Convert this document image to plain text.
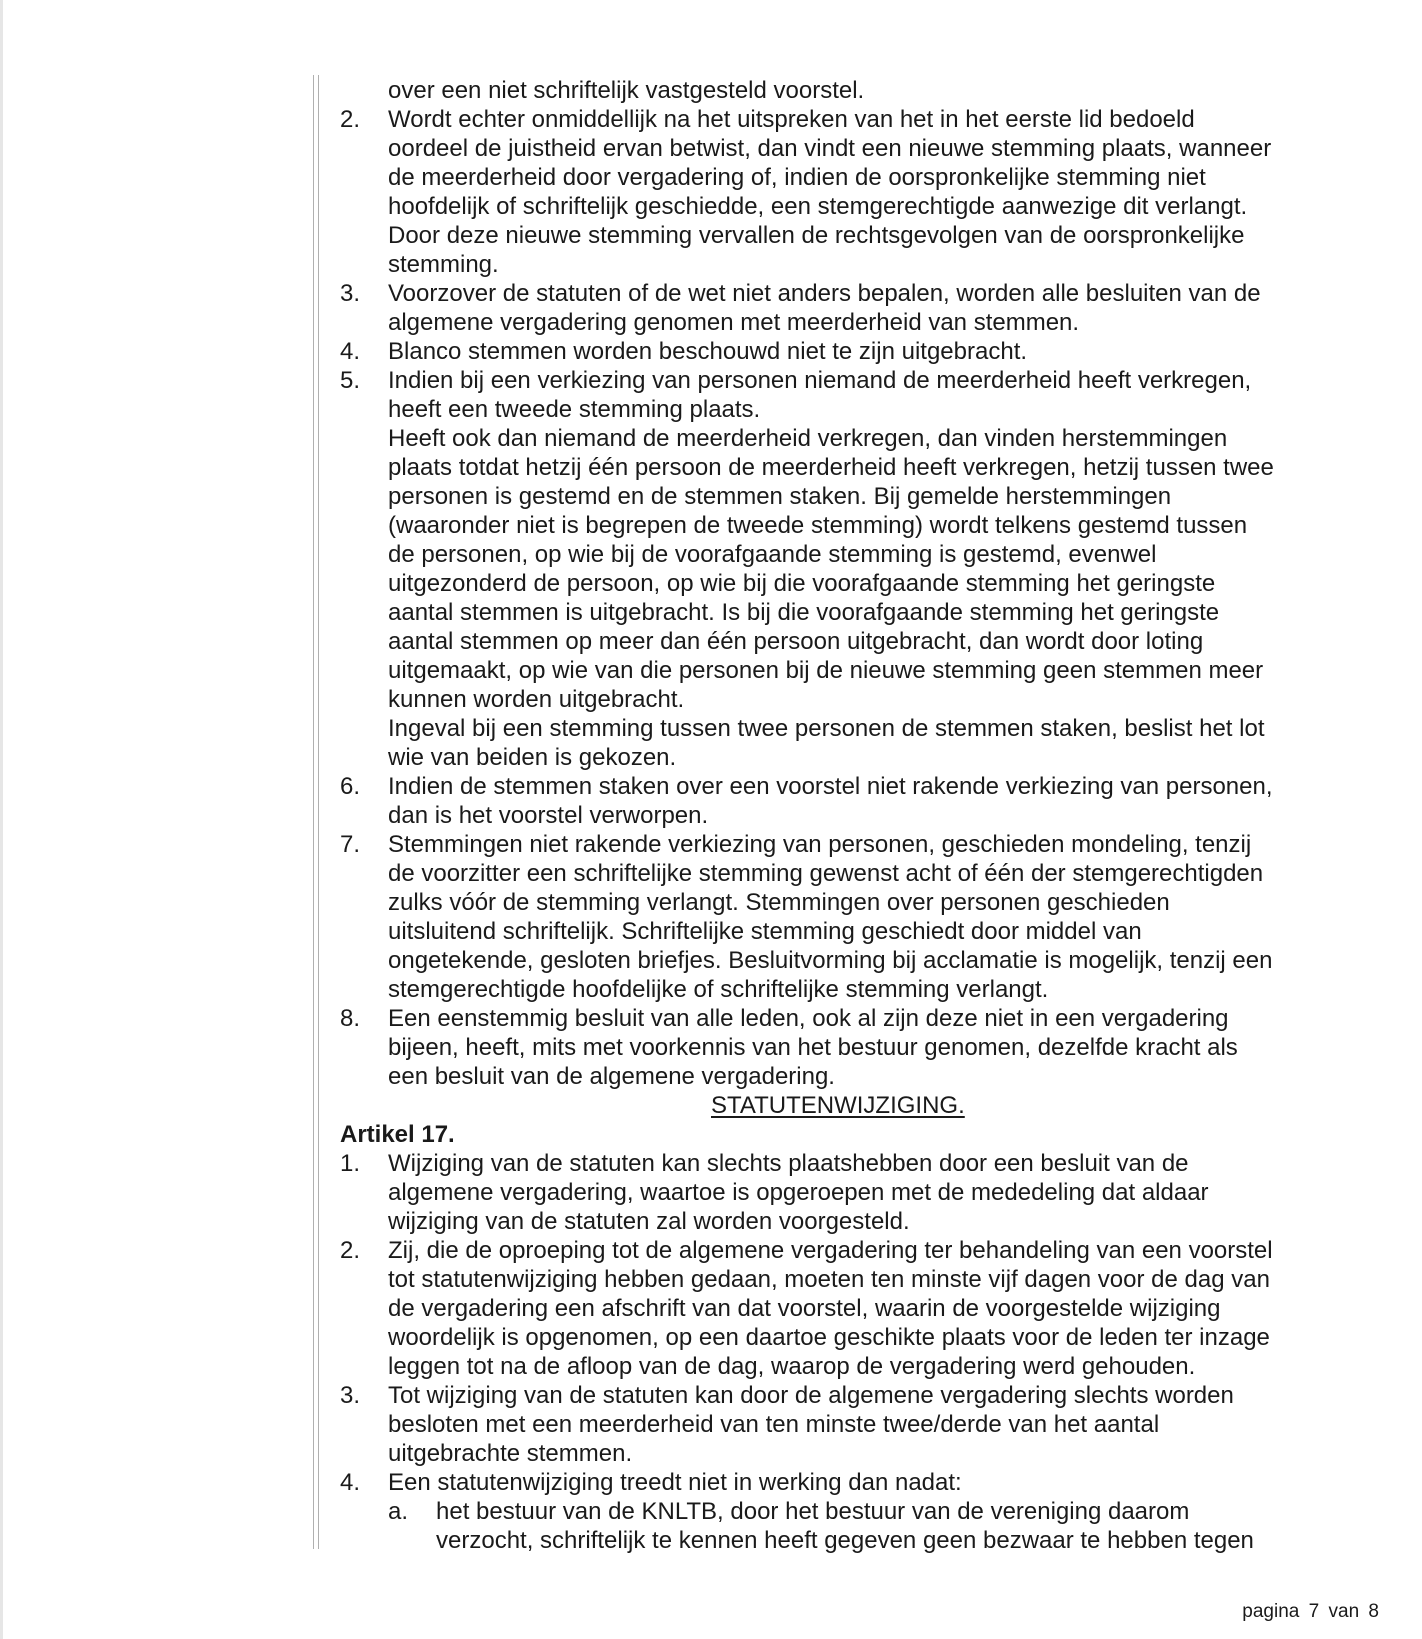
over een niet schriftelijk vastgesteld voorstel.
2.	Wordt echter onmiddellijk na het uitspreken van het in het eerste lid bedoeld
oordeel de juistheid ervan betwist, dan vindt een nieuwe stemming plaats, wanneer
de meerderheid door vergadering of, indien de oorspronkelijke stemming niet
hoofdelijk of schriftelijk geschiedde, een stemgerechtigde aanwezige dit verlangt.
Door deze nieuwe stemming vervallen de rechtsgevolgen van de oorspronkelijke
stemming.
3.	Voorzover de statuten of de wet niet anders bepalen, worden alle besluiten van de
algemene vergadering genomen met meerderheid van stemmen.
4.	Blanco stemmen worden beschouwd niet te zijn uitgebracht.
5.	Indien bij een verkiezing van personen niemand de meerderheid heeft verkregen,
heeft een tweede stemming plaats.
Heeft ook dan niemand de meerderheid verkregen, dan vinden herstemmingen
plaats totdat hetzij één persoon de meerderheid heeft verkregen, hetzij tussen twee
personen is gestemd en de stemmen staken. Bij gemelde herstemmingen
(waaronder niet is begrepen de tweede stemming) wordt telkens gestemd tussen
de personen, op wie bij de voorafgaande stemming is gestemd, evenwel
uitgezonderd de persoon, op wie bij die voorafgaande stemming het geringste
aantal stemmen is uitgebracht. Is bij die voorafgaande stemming het geringste
aantal stemmen op meer dan één persoon uitgebracht, dan wordt door loting
uitgemaakt, op wie van die personen bij de nieuwe stemming geen stemmen meer
kunnen worden uitgebracht.
Ingeval bij een stemming tussen twee personen de stemmen staken, beslist het lot
wie van beiden is gekozen.
6.	Indien de stemmen staken over een voorstel niet rakende verkiezing van personen,
dan is het voorstel verworpen.
7.	Stemmingen niet rakende verkiezing van personen, geschieden mondeling, tenzij
de voorzitter een schriftelijke stemming gewenst acht of één der stemgerechtigden
zulks vóór de stemming verlangt. Stemmingen over personen geschieden
uitsluitend schriftelijk. Schriftelijke stemming geschiedt door middel van
ongetekende, gesloten briefjes. Besluitvorming bij acclamatie is mogelijk, tenzij een
stemgerechtigde hoofdelijke of schriftelijke stemming verlangt.
8.	Een eenstemmig besluit van alle leden, ook al zijn deze niet in een vergadering
bijeen, heeft, mits met voorkennis van het bestuur genomen, dezelfde kracht als
een besluit van de algemene vergadering.
STATUTENWIJZIGING.
Artikel 17.
1.	Wijziging van de statuten kan slechts plaatshebben door een besluit van de
algemene vergadering, waartoe is opgeroepen met de mededeling dat aldaar
wijziging van de statuten zal worden voorgesteld.
2.	Zij, die de oproeping tot de algemene vergadering ter behandeling van een voorstel
tot statutenwijziging hebben gedaan, moeten ten minste vijf dagen voor de dag van
de vergadering een afschrift van dat voorstel, waarin de voorgestelde wijziging
woordelijk is opgenomen, op een daartoe geschikte plaats voor de leden ter inzage
leggen tot na de afloop van de dag, waarop de vergadering werd gehouden.
3.	Tot wijziging van de statuten kan door de algemene vergadering slechts worden
besloten met een meerderheid van ten minste twee/derde van het aantal
uitgebrachte stemmen.
4.	Een statutenwijziging treedt niet in werking dan nadat:
a.	het bestuur van de KNLTB, door het bestuur van de vereniging daarom
verzocht, schriftelijk te kennen heeft gegeven geen bezwaar te hebben tegen
pagina 7 van 8
